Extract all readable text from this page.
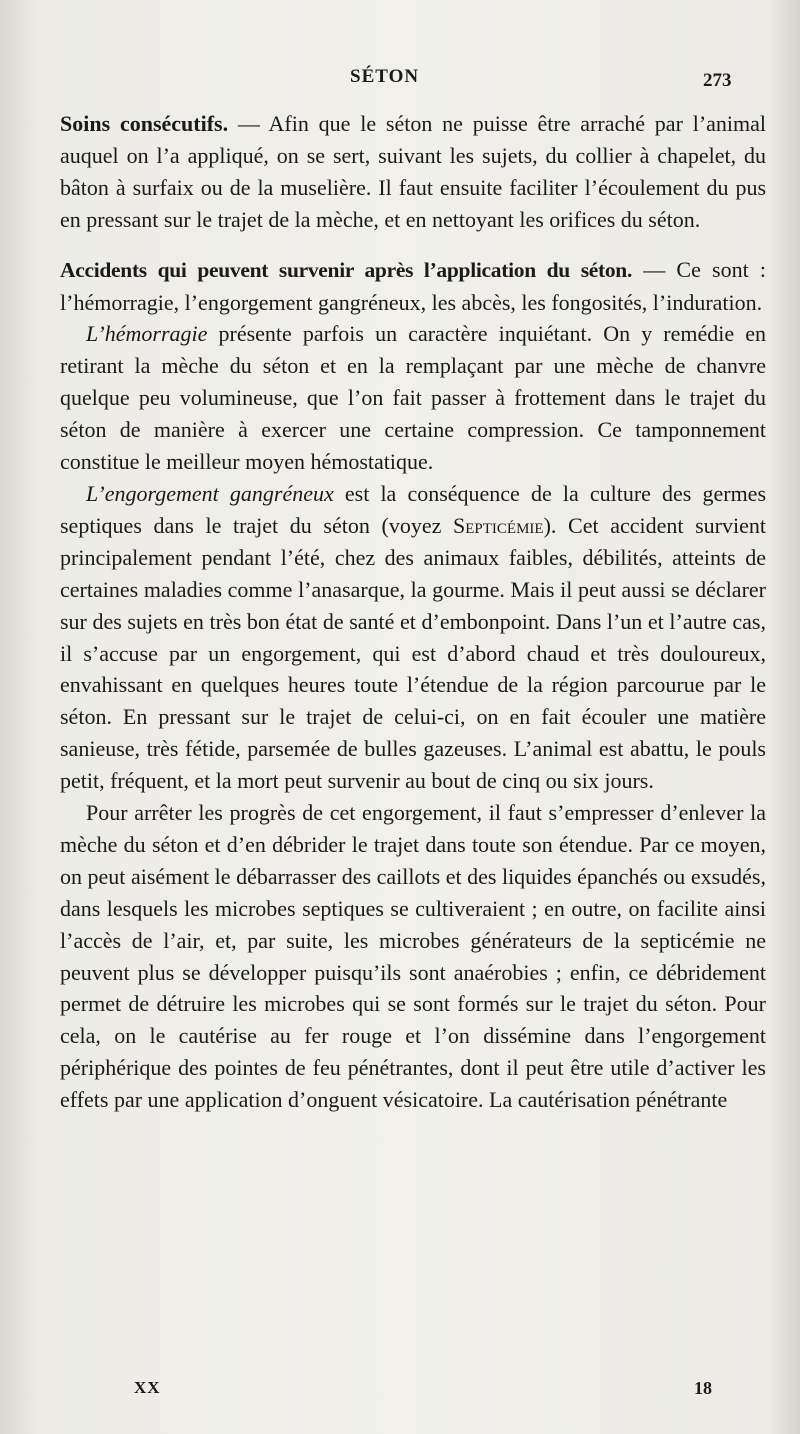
SÉTON	273

Soins consécutifs. — Afin que le séton ne puisse être arraché par l’animal auquel on l’a appliqué, on se sert, suivant les sujets, du collier à chapelet, du bâton à surfaix ou de la muselière. Il faut ensuite faciliter l’écoulement du pus en pressant sur le trajet de la mèche, et en nettoyant les orifices du séton.

Accidents qui peuvent survenir après l’application du séton. — Ce sont : l’hémorragie, l’engorgement gangréneux, les abcès, les fongosités, l’induration.

L’hémorragie présente parfois un caractère inquiétant. On y remédie en retirant la mèche du séton et en la remplaçant par une mèche de chanvre quelque peu volumineuse, que l’on fait passer à frottement dans le trajet du séton de manière à exercer une certaine compression. Ce tamponnement constitue le meilleur moyen hémostatique.

L’engorgement gangréneux est la conséquence de la culture des germes septiques dans le trajet du séton (voyez Septicémie). Cet accident survient principalement pendant l’été, chez des animaux faibles, débilités, atteints de certaines maladies comme l’anasarque, la gourme. Mais il peut aussi se déclarer sur des sujets en très bon état de santé et d’embonpoint. Dans l’un et l’autre cas, il s’accuse par un engorgement, qui est d’abord chaud et très douloureux, envahissant en quelques heures toute l’étendue de la région parcourue par le séton. En pressant sur le trajet de celui-ci, on en fait écouler une matière sanieuse, très fétide, parsemée de bulles gazeuses. L’animal est abattu, le pouls petit, fréquent, et la mort peut survenir au bout de cinq ou six jours.

Pour arrêter les progrès de cet engorgement, il faut s’empresser d’enlever la mèche du séton et d’en débrider le trajet dans toute son étendue. Par ce moyen, on peut aisément le débarrasser des caillots et des liquides épanchés ou exsudés, dans lesquels les microbes septiques se cultiveraient ; en outre, on facilite ainsi l’accès de l’air, et, par suite, les microbes générateurs de la septicémie ne peuvent plus se développer puisqu’ils sont anaérobies ; enfin, ce débridement permet de détruire les microbes qui se sont formés sur le trajet du séton. Pour cela, on le cautérise au fer rouge et l’on dissémine dans l’engorgement périphérique des pointes de feu pénétrantes, dont il peut être utile d’activer les effets par une application d’onguent vésicatoire. La cautérisation pénétrante

XX	18
